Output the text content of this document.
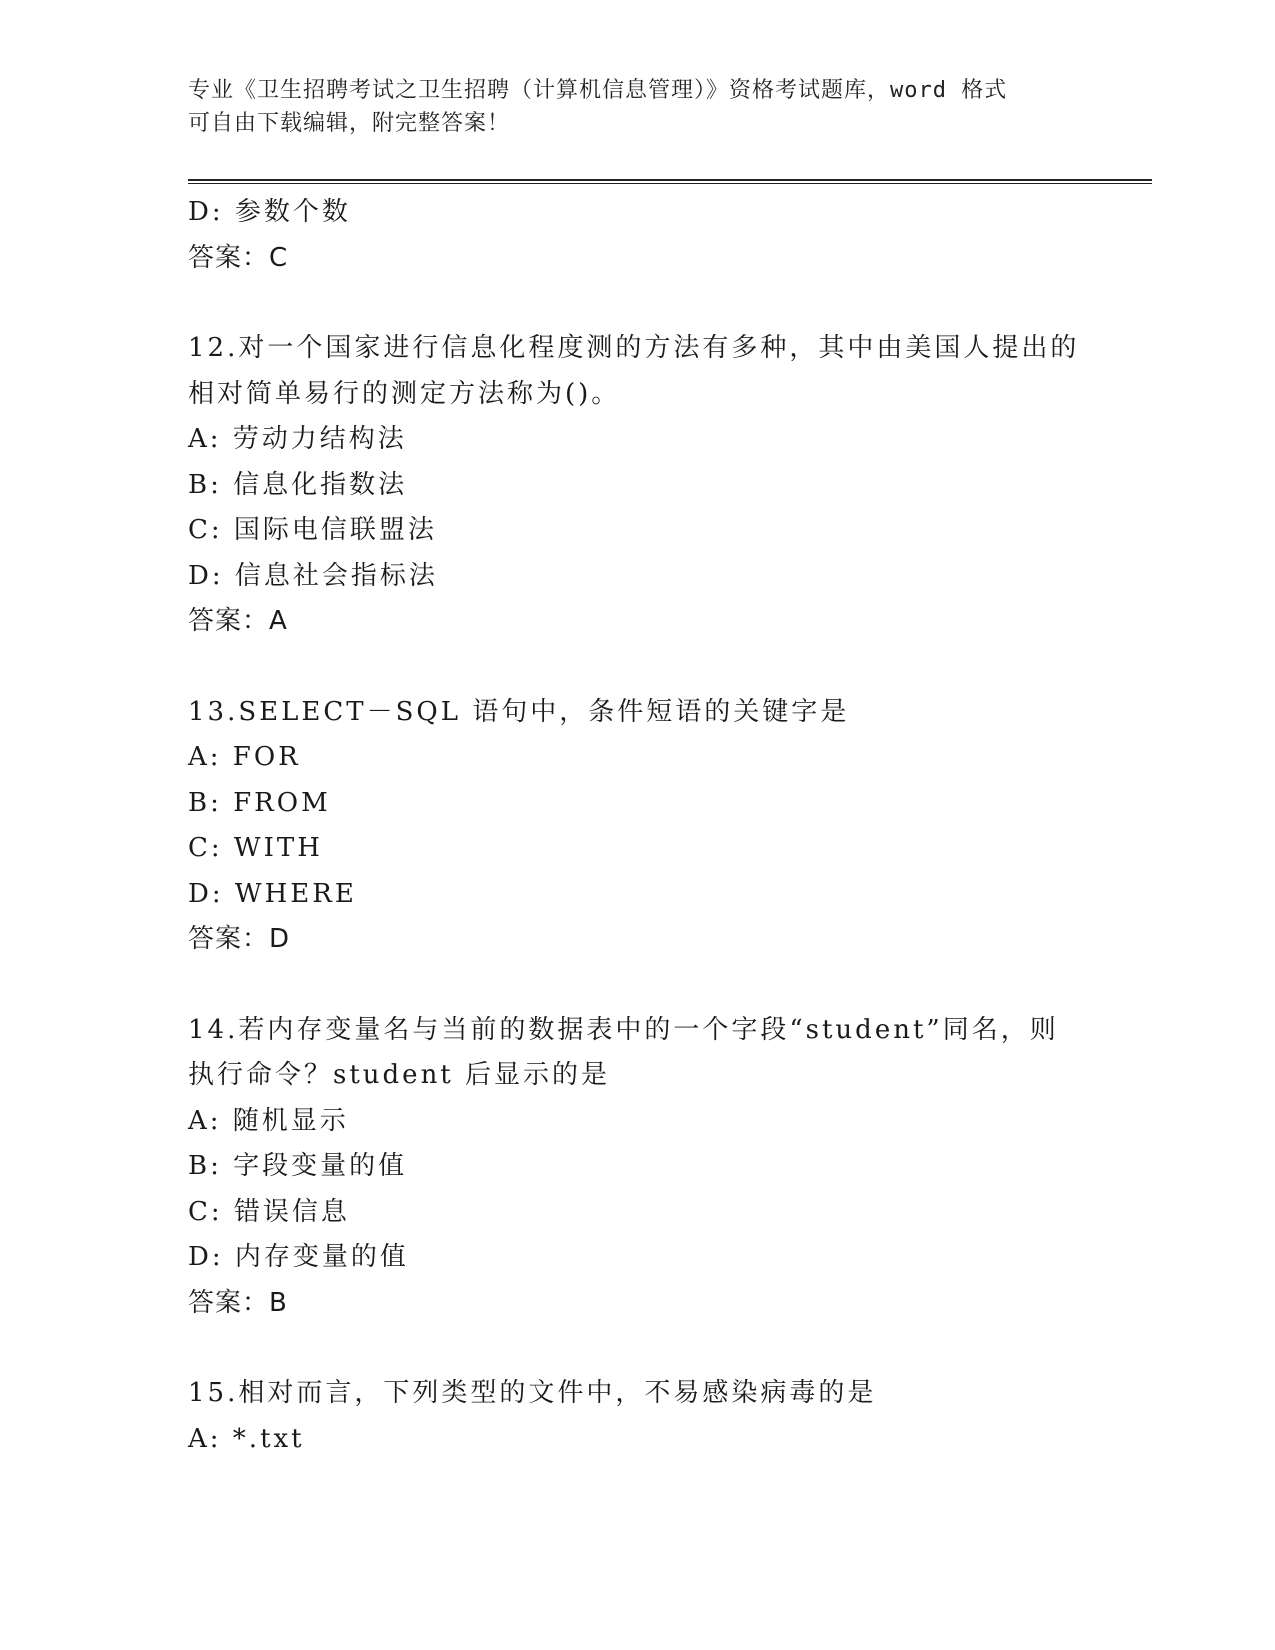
专业《卫生招聘考试之卫生招聘（计算机信息管理）》资格考试题库，word 格式
可自由下载编辑，附完整答案！
D: 参数个数
答案：C
12.对一个国家进行信息化程度测的方法有多种，其中由美国人提出的
相对简单易行的测定方法称为()。
A: 劳动力结构法
B: 信息化指数法
C: 国际电信联盟法
D: 信息社会指标法
答案：A
13.SELECT－SQL 语句中，条件短语的关键字是
A: FOR
B: FROM
C: WITH
D: WHERE
答案：D
14.若内存变量名与当前的数据表中的一个字段“student”同名，则
执行命令？student 后显示的是
A: 随机显示
B: 字段变量的值
C: 错误信息
D: 内存变量的值
答案：B
15.相对而言，下列类型的文件中，不易感染病毒的是
A: *.txt
